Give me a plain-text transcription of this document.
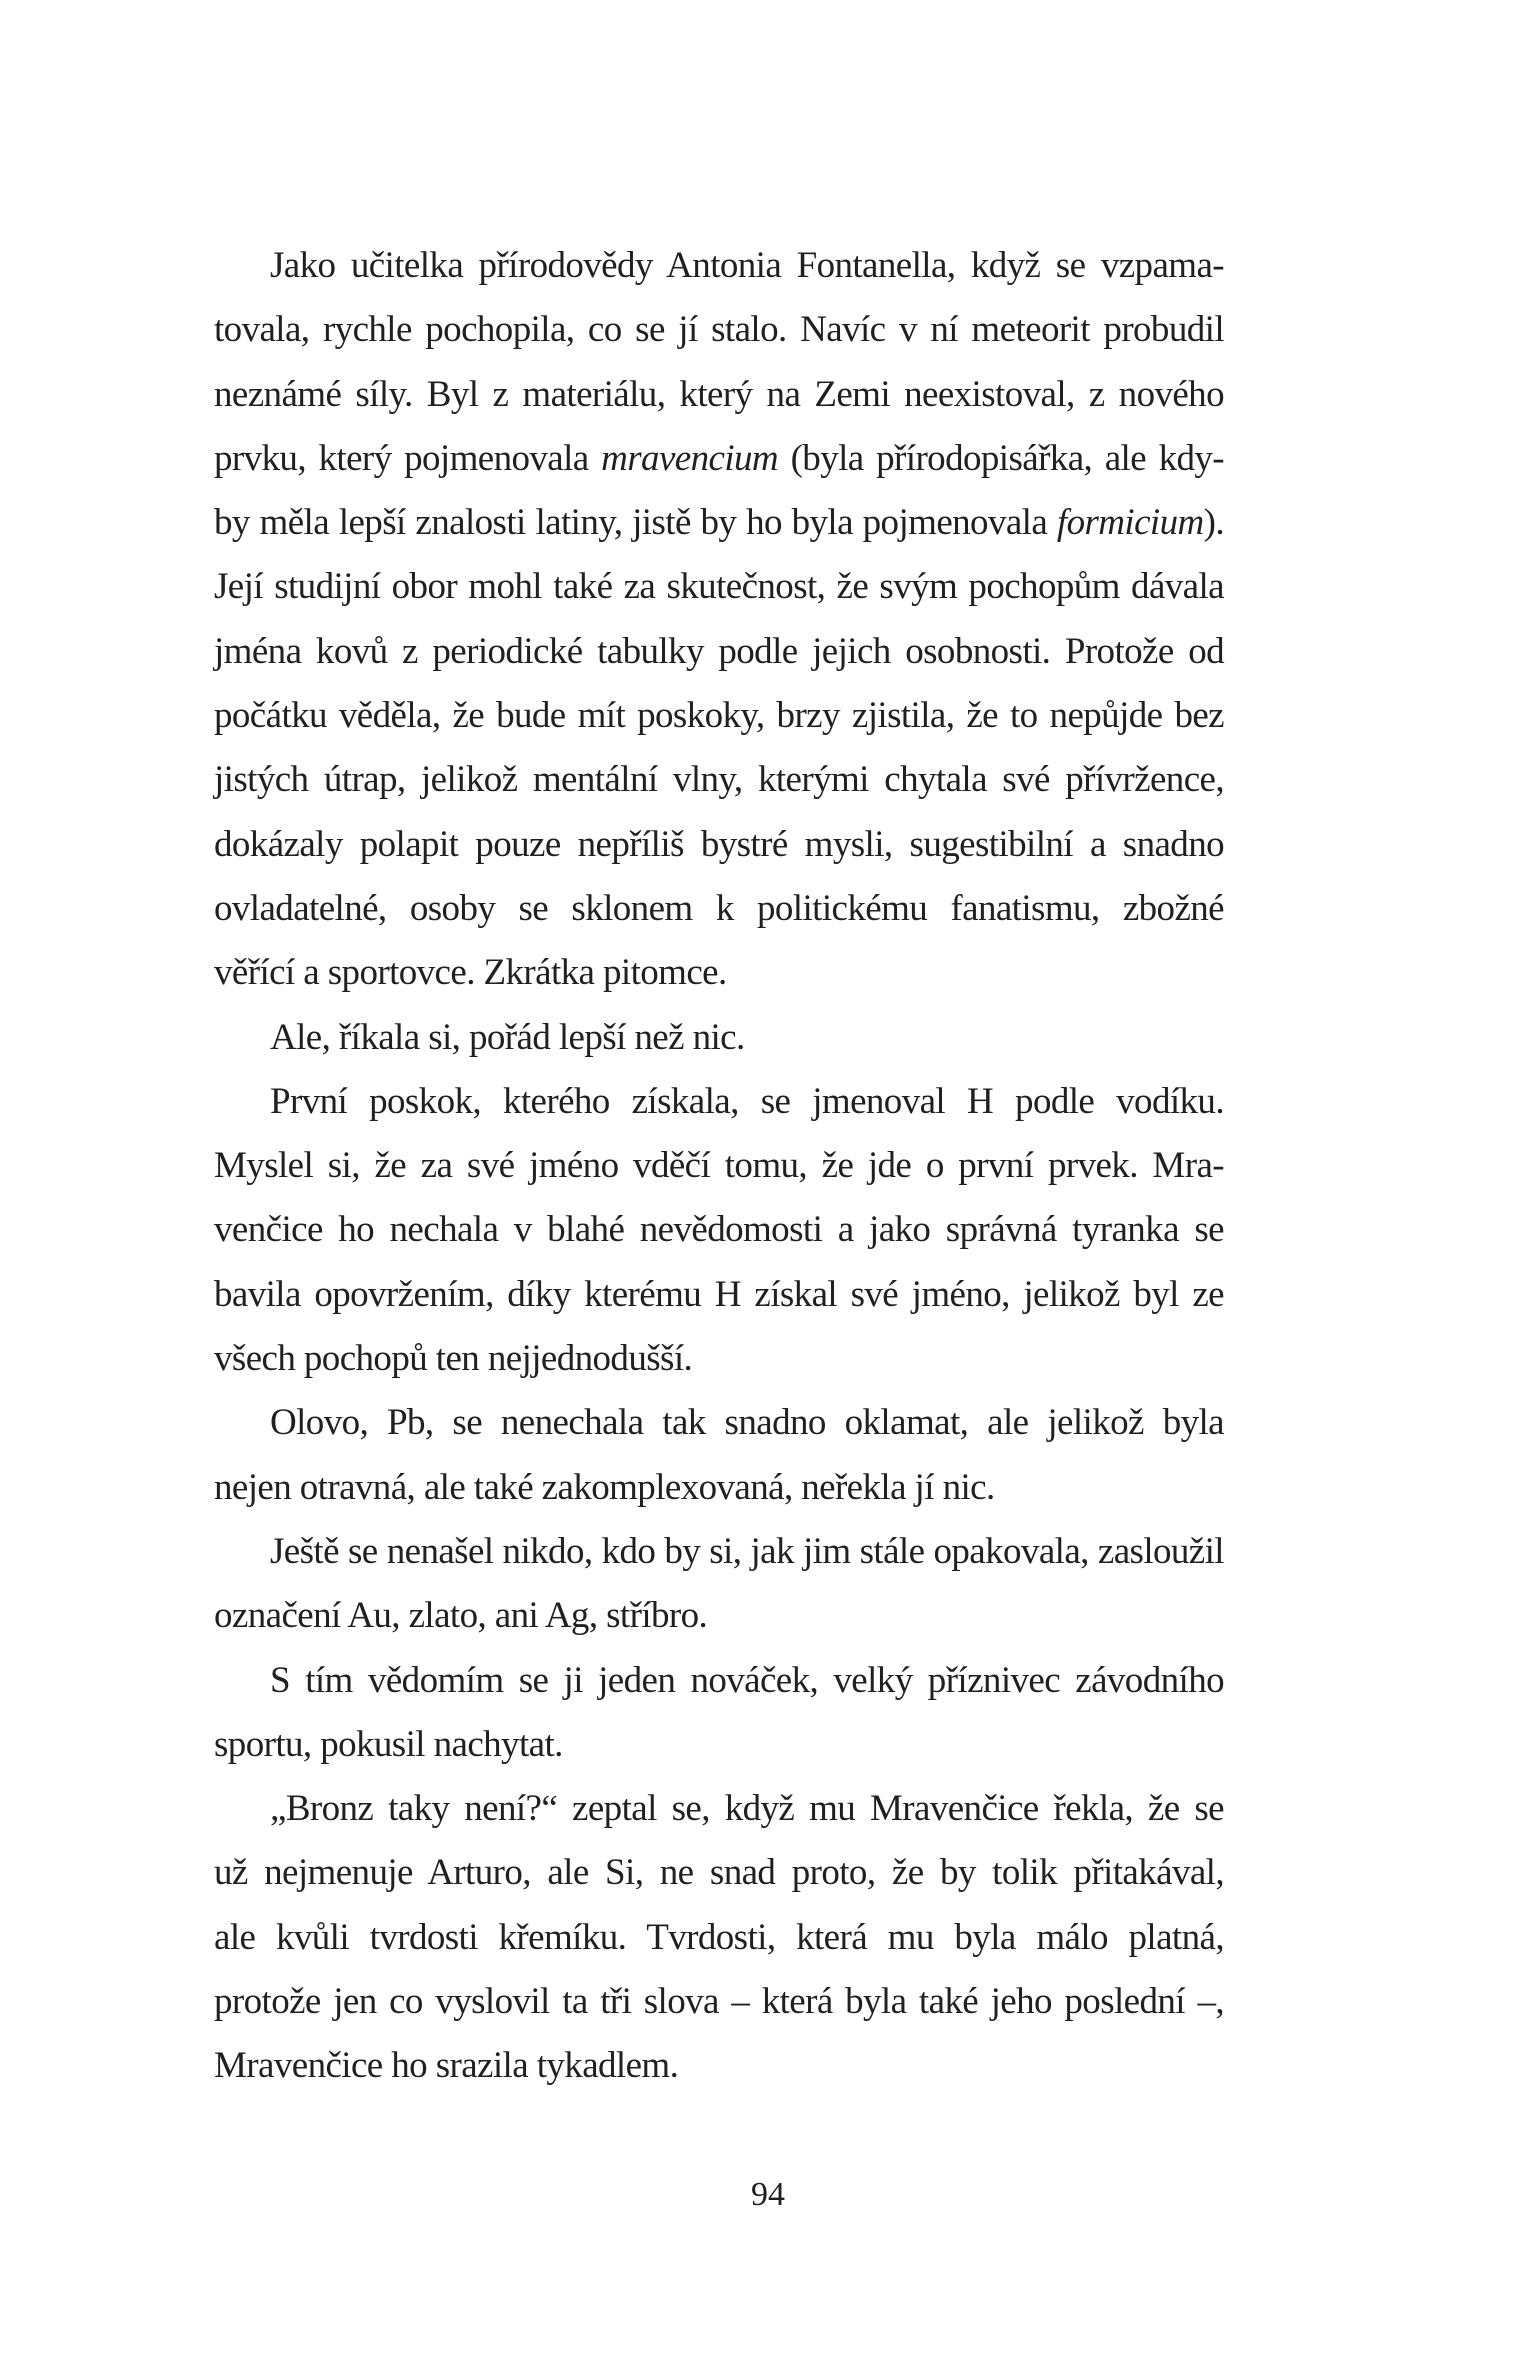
Jako učitelka přírodovědy Antonia Fontanella, když se vzpama-
tovala, rychle pochopila, co se jí stalo. Navíc v ní meteorit probudil
neznámé síly. Byl z materiálu, který na Zemi neexistoval, z nového
prvku, který pojmenovala mravencium (byla přírodopisářka, ale kdy-
by měla lepší znalosti latiny, jistě by ho byla pojmenovala formicium).
Její studijní obor mohl také za skutečnost, že svým pochopům dávala
jména kovů z periodické tabulky podle jejich osobnosti. Protože od
počátku věděla, že bude mít poskoky, brzy zjistila, že to nepůjde bez
jistých útrap, jelikož mentální vlny, kterými chytala své přívržence,
dokázaly polapit pouze nepříliš bystré mysli, sugestibilní a snadno
ovladatelné, osoby se sklonem k politickému fanatismu, zbožné
věřící a sportovce. Zkrátka pitomce.
Ale, říkala si, pořád lepší než nic.
První poskok, kterého získala, se jmenoval H podle vodíku.
Myslel si, že za své jméno vděčí tomu, že jde o první prvek. Mra-
venčice ho nechala v blahé nevědomosti a jako správná tyranka se
bavila opovržením, díky kterému H získal své jméno, jelikož byl ze
všech pochopů ten nejjednodušší.
Olovo, Pb, se nenechala tak snadno oklamat, ale jelikož byla
nejen otravná, ale také zakomplexovaná, neřekla jí nic.
Ještě se nenašel nikdo, kdo by si, jak jim stále opakovala, zasloužil
označení Au, zlato, ani Ag, stříbro.
S tím vědomím se ji jeden nováček, velký příznivec závodního
sportu, pokusil nachytat.
„Bronz taky není?“ zeptal se, když mu Mravenčice řekla, že se
už nejmenuje Arturo, ale Si, ne snad proto, že by tolik přitakával,
ale kvůli tvrdosti křemíku. Tvrdosti, která mu byla málo platná,
protože jen co vyslovil ta tři slova – která byla také jeho poslední –,
Mravenčice ho srazila tykadlem.
94
